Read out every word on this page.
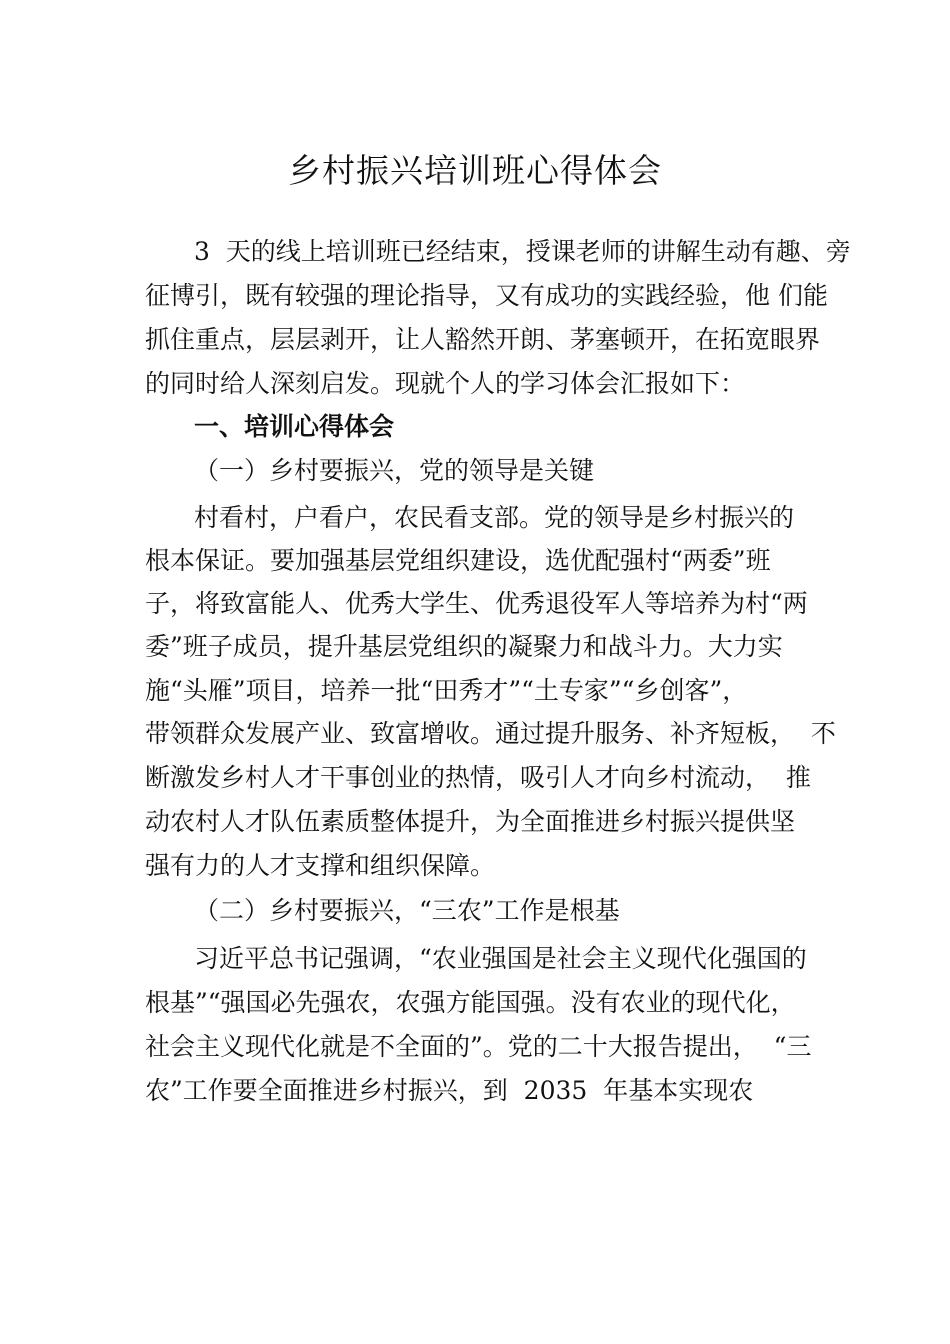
乡村振兴培训班心得体会
3  天的线上培训班已经结束，授课老师的讲解生动有趣、旁
征博引，既有较强的理论指导，又有成功的实践经验，他 们能
抓住重点，层层剥开，让人豁然开朗、茅塞顿开，在拓宽眼界
的同时给人深刻启发。现就个人的学习体会汇报如下：
一、培训心得体会
（一）乡村要振兴，党的领导是关键
村看村，户看户，农民看支部。党的领导是乡村振兴的
根本保证。要加强基层党组织建设，选优配强村“两委”班
子，将致富能人、优秀大学生、优秀退役军人等培养为村“两
委”班子成员，提升基层党组织的凝聚力和战斗力。大力实
施“头雁”项目，培养一批“田秀才”“土专家”“乡创客”，
带领群众发展产业、致富增收。通过提升服务、补齐短板，  不
断激发乡村人才干事创业的热情，吸引人才向乡村流动，  推
动农村人才队伍素质整体提升，为全面推进乡村振兴提供坚
强有力的人才支撑和组织保障。
（二）乡村要振兴，“三农”工作是根基
习近平总书记强调，“农业强国是社会主义现代化强国的
根基”“强国必先强农，农强方能国强。没有农业的现代化，
社会主义现代化就是不全面的”。党的二十大报告提出，  “三
农”工作要全面推进乡村振兴，到  2035  年基本实现农
